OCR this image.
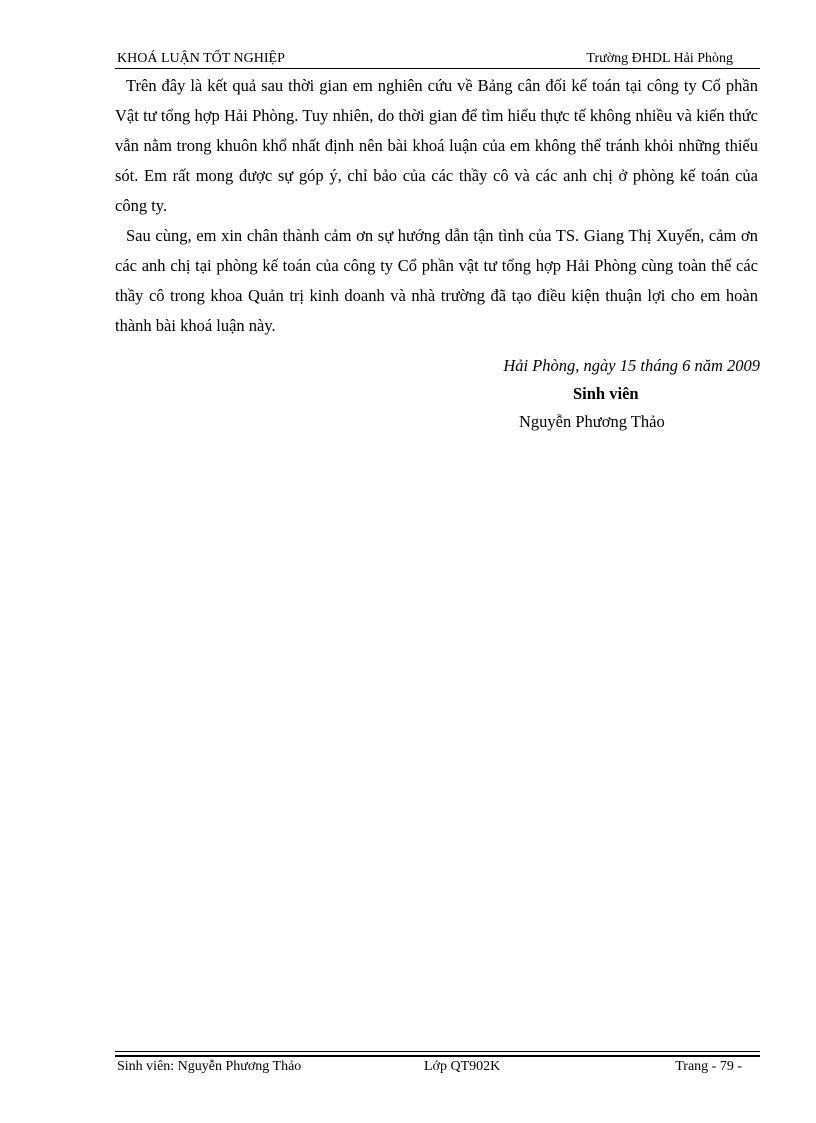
KHOÁ LUẬN TỐT NGHIỆP	Trường ĐHDL Hải Phòng

Trên đây là kết quả sau thời gian em nghiên cứu về Bảng cân đối kế toán tại công ty Cổ phần Vật tư tổng hợp Hải Phòng. Tuy nhiên, do thời gian để tìm hiểu thực tế không nhiều và kiến thức vẫn nằm trong khuôn khổ nhất định nên bài khoá luận của em không thể tránh khỏi những thiếu sót. Em rất mong được sự góp ý, chỉ bảo của các thầy cô và các anh chị ở phòng kế toán của công ty.

Sau cùng, em xin chân thành cảm ơn sự hướng dẫn tận tình của TS. Giang Thị Xuyến, cảm ơn các anh chị tại phòng kế toán của công ty Cổ phần vật tư tổng hợp Hải Phòng cùng toàn thể các thầy cô trong khoa Quản trị kinh doanh và nhà trường đã tạo điều kiện thuận lợi cho em hoàn thành bài khoá luận này.

Hải Phòng, ngày 15 tháng 6 năm 2009
Sinh viên
Nguyễn Phương Thảo
Sinh viên: Nguyễn Phương Thảo	Lớp QT902K	Trang - 79 -
